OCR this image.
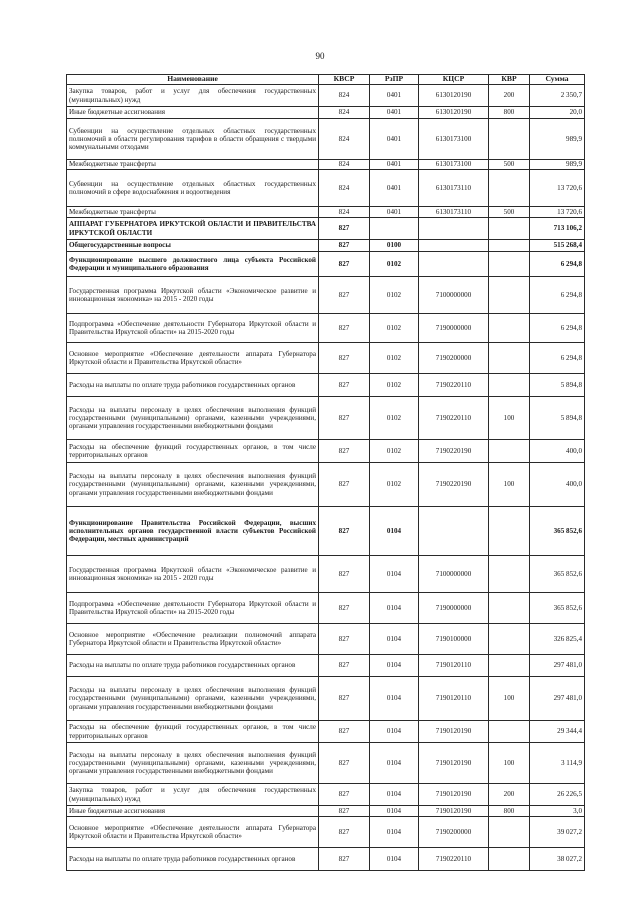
90
Наименование	КВСР	РзПР	КЦСР	КВР	Сумма
Закупка товаров, работ и услуг для обеспечения государственных (муниципальных) нужд	824	0401	6130120190	200	2 350,7
Иные бюджетные ассигнования	824	0401	6130120190	800	20,0
Субвенции на осуществление отдельных областных государственных полномочий в области регулирования тарифов в области обращения с твердыми коммунальными отходами	824	0401	6130173100		989,9
Межбюджетные трансферты	824	0401	6130173100	500	989,9
Субвенции на осуществление отдельных областных государственных полномочий в сфере водоснабжения и водоотведения	824	0401	6130173110		13 720,6
Межбюджетные трансферты	824	0401	6130173110	500	13 720,6
АППАРАТ ГУБЕРНАТОРА ИРКУТСКОЙ ОБЛАСТИ И ПРАВИТЕЛЬСТВА ИРКУТСКОЙ ОБЛАСТИ	827				713 106,2
Общегосударственные вопросы	827	0100			515 268,4
Функционирование высшего должностного лица субъекта Российской Федерации и муниципального образования	827	0102			6 294,8
Государственная программа Иркутской области «Экономическое развитие и инновационная экономика» на 2015 - 2020 годы	827	0102	7100000000		6 294,8
Подпрограмма «Обеспечение деятельности Губернатора Иркутской области и Правительства Иркутской области» на 2015-2020 годы	827	0102	7190000000		6 294,8
Основное мероприятие «Обеспечение деятельности аппарата Губернатора Иркутской области и Правительства Иркутской области»	827	0102	7190200000		6 294,8
Расходы на выплаты по оплате труда работников государственных органов	827	0102	7190220110		5 894,8
Расходы на выплаты персоналу в целях обеспечения выполнения функций государственными (муниципальными) органами, казенными учреждениями, органами управления государственными внебюджетными фондами	827	0102	7190220110	100	5 894,8
Расходы на обеспечение функций государственных органов, в том числе территориальных органов	827	0102	7190220190		400,0
Расходы на выплаты персоналу в целях обеспечения выполнения функций государственными (муниципальными) органами, казенными учреждениями, органами управления государственными внебюджетными фондами	827	0102	7190220190	100	400,0
Функционирование Правительства Российской Федерации, высших исполнительных органов государственной власти субъектов Российской Федерации, местных администраций	827	0104			365 852,6
Государственная программа Иркутской области «Экономическое развитие и инновационная экономика» на 2015 - 2020 годы	827	0104	7100000000		365 852,6
Подпрограмма «Обеспечение деятельности Губернатора Иркутской области и Правительства Иркутской области» на 2015-2020 годы	827	0104	7190000000		365 852,6
Основное мероприятие «Обеспечение реализации полномочий аппарата Губернатора Иркутской области и Правительства Иркутской области»	827	0104	7190100000		326 825,4
Расходы на выплаты по оплате труда работников государственных органов	827	0104	7190120110		297 481,0
Расходы на выплаты персоналу в целях обеспечения выполнения функций государственными (муниципальными) органами, казенными учреждениями, органами управления государственными внебюджетными фондами	827	0104	7190120110	100	297 481,0
Расходы на обеспечение функций государственных органов, в том числе территориальных органов	827	0104	7190120190		29 344,4
Расходы на выплаты персоналу в целях обеспечения выполнения функций государственными (муниципальными) органами, казенными учреждениями, органами управления государственными внебюджетными фондами	827	0104	7190120190	100	3 114,9
Закупка товаров, работ и услуг для обеспечения государственных (муниципальных) нужд	827	0104	7190120190	200	26 226,5
Иные бюджетные ассигнования	827	0104	7190120190	800	3,0
Основное мероприятие «Обеспечение деятельности аппарата Губернатора Иркутской области и Правительства Иркутской области»	827	0104	7190200000		39 027,2
Расходы на выплаты по оплате труда работников государственных органов	827	0104	7190220110		38 027,2
